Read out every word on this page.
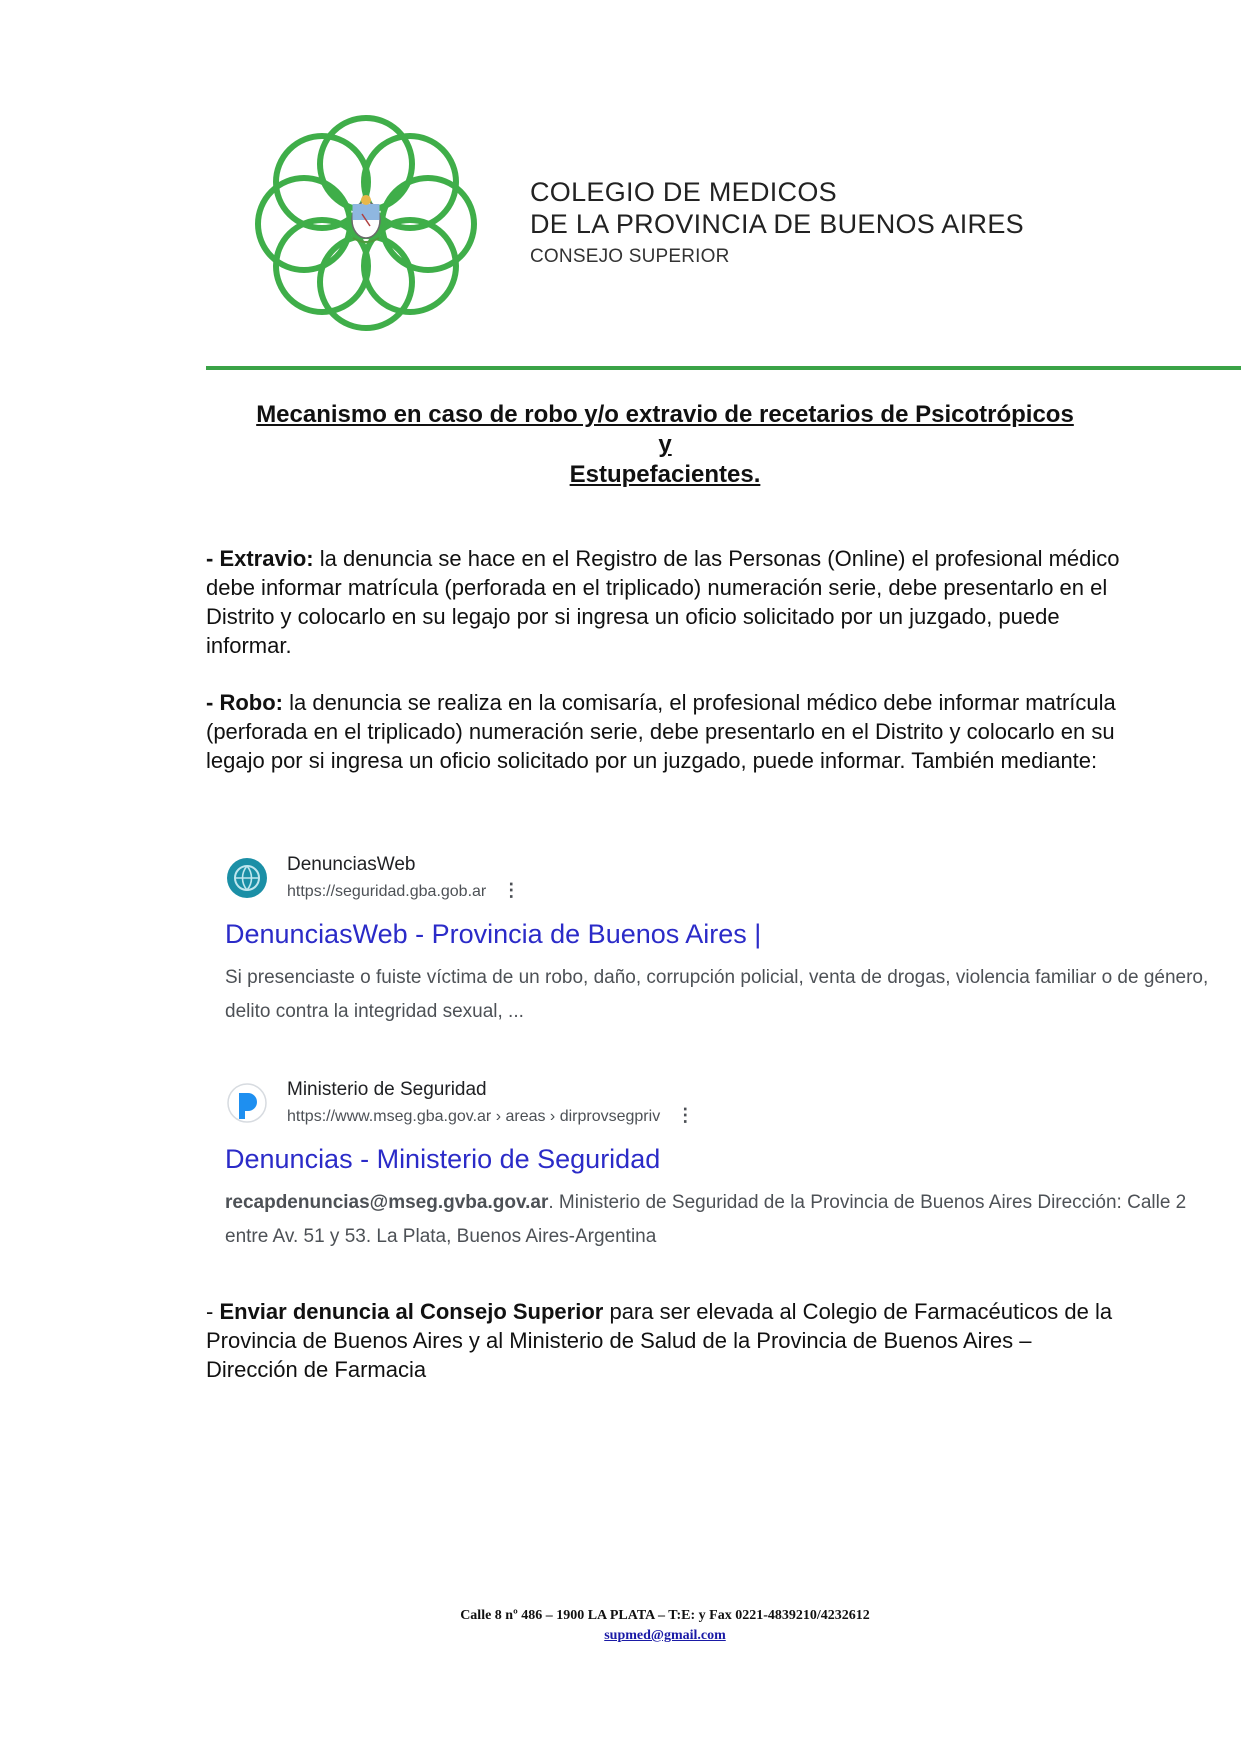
COLEGIO DE MEDICOS
DE LA PROVINCIA DE BUENOS AIRES
CONSEJO SUPERIOR
Mecanismo en caso de robo y/o extravio de recetarios de Psicotrópicos
y
Estupefacientes.

- Extravio: la denuncia se hace en el Registro de las Personas (Online) el profesional médico debe informar matrícula (perforada en el triplicado) numeración serie, debe presentarlo en el Distrito y colocarlo en su legajo por si ingresa un oficio solicitado por un juzgado, puede informar.

- Robo: la denuncia se realiza en la comisaría, el profesional médico debe informar matrícula (perforada en el triplicado) numeración serie, debe presentarlo en el Distrito y colocarlo en su legajo por si ingresa un oficio solicitado por un juzgado, puede informar. También mediante:

DenunciasWeb
https://seguridad.gba.gob.ar ⋮
DenunciasWeb - Provincia de Buenos Aires |
Si presenciaste o fuiste víctima de un robo, daño, corrupción policial, venta de drogas, violencia familiar o de género, delito contra la integridad sexual, ...
Ministerio de Seguridad
https://www.mseg.gba.gov.ar › areas › dirprovsegpriv ⋮
Denuncias - Ministerio de Seguridad
recapdenuncias@mseg.gvba.gov.ar. Ministerio de Seguridad de la Provincia de Buenos Aires Dirección: Calle 2 entre Av. 51 y 53. La Plata, Buenos Aires-Argentina

- Enviar denuncia al Consejo Superior para ser elevada al Colegio de Farmacéuticos de la Provincia de Buenos Aires y al Ministerio de Salud de la Provincia de Buenos Aires – Dirección de Farmacia

Calle 8 nº 486 – 1900 LA PLATA – T:E: y Fax 0221-4839210/4232612
supmed@gmail.com
